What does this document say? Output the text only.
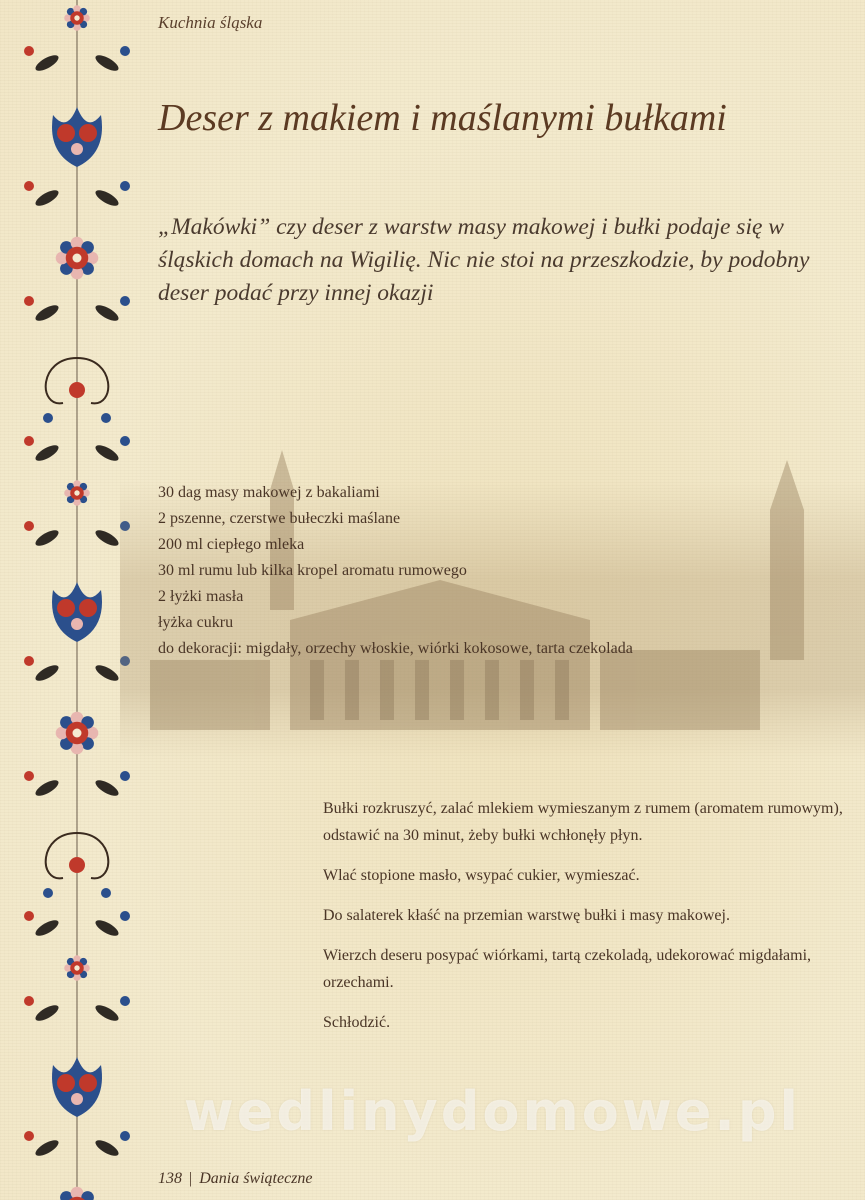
Kuchnia śląska
Deser z makiem i maślanymi bułkami

„Makówki” czy deser z warstw masy makowej i bułki podaje się w śląskich domach na Wigilię. Nic nie stoi na przeszkodzie, by podobny deser podać przy innej okazji

30 dag masy makowej z bakaliami
2 pszenne, czerstwe bułeczki maślane
200 ml ciepłego mleka
30 ml rumu lub kilka kropel aromatu rumowego
2 łyżki masła
łyżka cukru
do dekoracji: migdały, orzechy włoskie, wiórki kokosowe, tarta czekolada

Bułki rozkruszyć, zalać mlekiem wymieszanym z rumem (aromatem rumowym), odstawić na 30 minut, żeby bułki wchłonęły płyn.

Wlać stopione masło, wsypać cukier, wymieszać.

Do salaterek kłaść na przemian warstwę bułki i masy makowej.

Wierzch deseru posypać wiórkami, tartą czekoladą, udekorować migdałami, orzechami.

Schłodzić.

wedlinydomowe.pl
138 | Dania świąteczne
